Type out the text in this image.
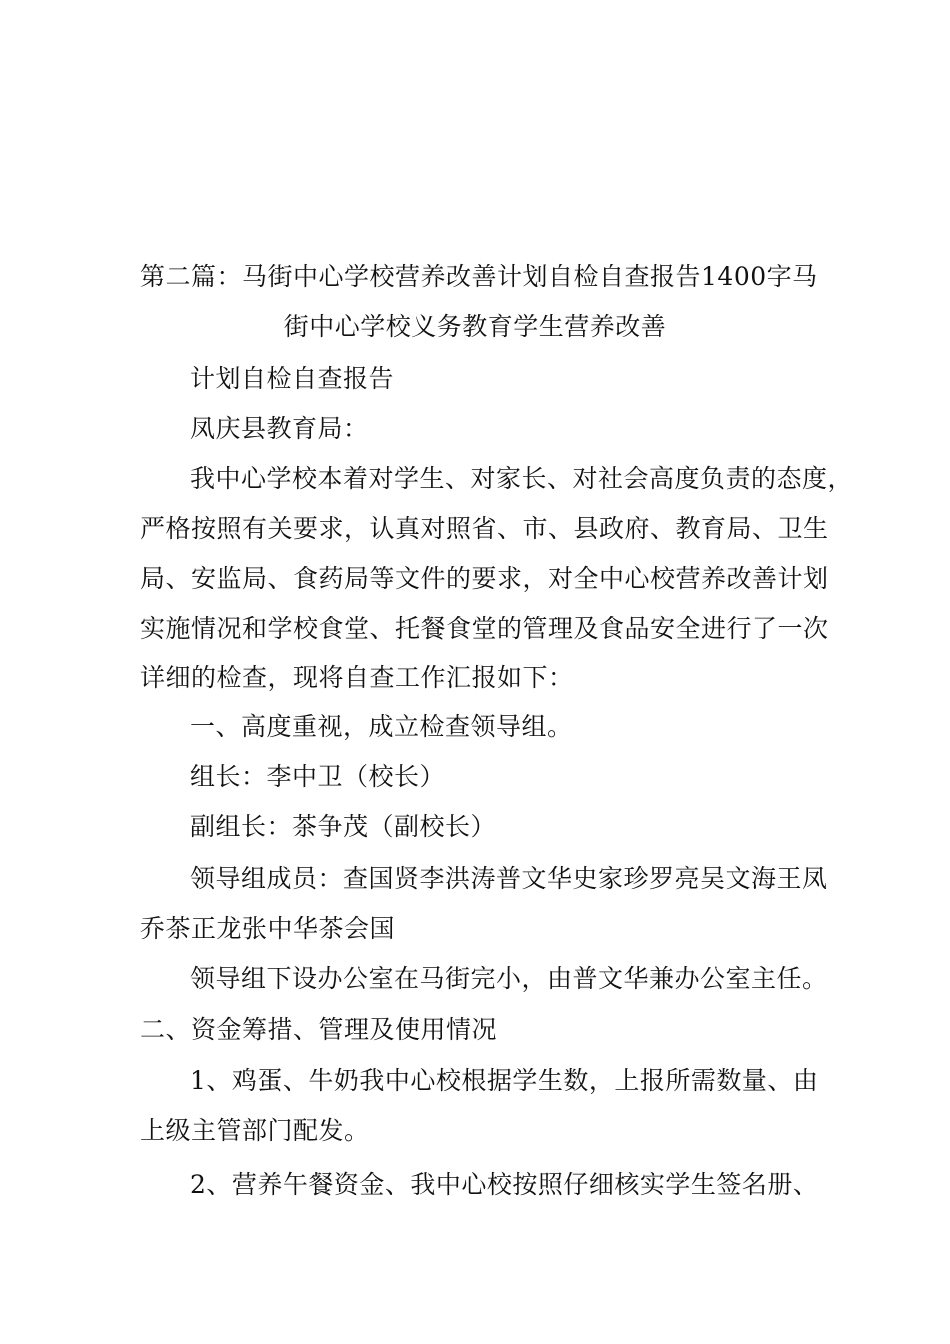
第二篇：马街中心学校营养改善计划自检自查报告1400字马
街中心学校义务教育学生营养改善
计划自检自查报告
凤庆县教育局：
我中心学校本着对学生、对家长、对社会高度负责的态度，
严格按照有关要求，认真对照省、市、县政府、教育局、卫生
局、安监局、食药局等文件的要求，对全中心校营养改善计划
实施情况和学校食堂、托餐食堂的管理及食品安全进行了一次
详细的检查，现将自查工作汇报如下：
一、高度重视，成立检查领导组。
组长：李中卫（校长）
副组长：茶争茂（副校长）
领导组成员：查国贤李洪涛普文华史家珍罗亮吴文海王凤
乔茶正龙张中华茶会国
领导组下设办公室在马街完小，由普文华兼办公室主任。
二、资金筹措、管理及使用情况
1、鸡蛋、牛奶我中心校根据学生数，上报所需数量、由
上级主管部门配发。
2、营养午餐资金、我中心校按照仔细核实学生签名册、
